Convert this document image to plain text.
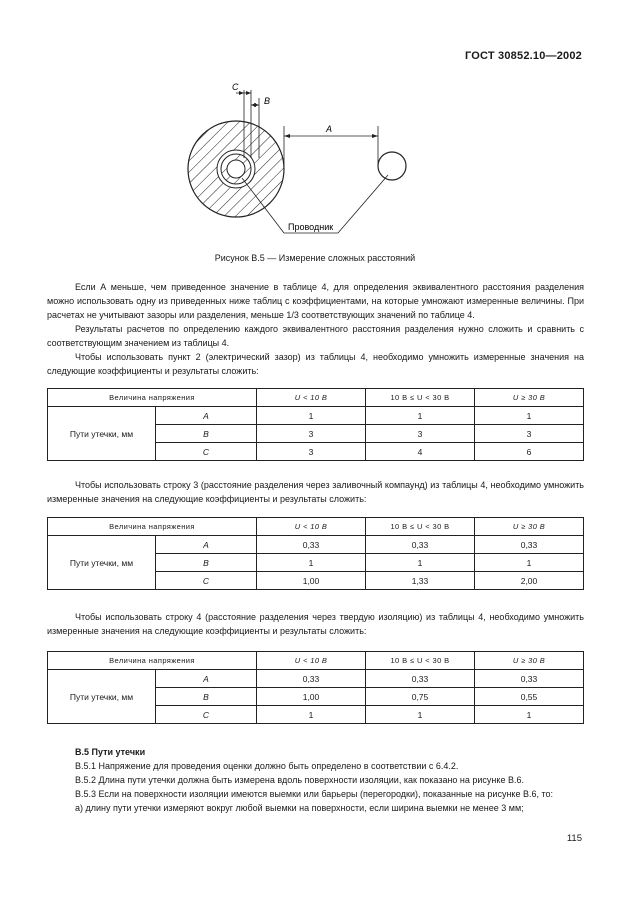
ГОСТ 30852.10—2002
C
B
A
Проводник
Рисунок В.5 — Измерение сложных расстояний

Если А меньше, чем приведенное значение в таблице 4, для определения эквивалентного расстояния разделения можно использовать одну из приведенных ниже таблиц с коэффициентами, на которые умножают измеренные величины. При расчетах не учитывают зазоры или разделения, меньше 1/3 соответствующих значений по таблице 4.

Результаты расчетов по определению каждого эквивалентного расстояния разделения нужно сложить и сравнить с соответствующим значением из таблицы 4.

Чтобы использовать пункт 2 (электрический зазор) из таблицы 4, необходимо умножить измеренные значения на следующие коэффициенты и результаты сложить:

Величина напряжения		U < 10 В	10 В ≤ U < 30 В	U ≥ 30 В
Пути утечки, мм	A	1	1	1
	B	3	3	3
	C	3	4	6

Чтобы использовать строку 3 (расстояние разделения через заливочный компаунд) из таблицы 4, необходимо умножить измеренные значения на следующие коэффициенты и результаты сложить:

Величина напряжения		U < 10 В	10 В ≤ U < 30 В	U ≥ 30 В
Пути утечки, мм	A	0,33	0,33	0,33
	B	1	1	1
	C	1,00	1,33	2,00

Чтобы использовать строку 4 (расстояние разделения через твердую изоляцию) из таблицы 4, необходимо умножить измеренные значения на следующие коэффициенты и результаты сложить:

Величина напряжения		U < 10 В	10 В ≤ U < 30 В	U ≥ 30 В
Пути утечки, мм	A	0,33	0,33	0,33
	B	1,00	0,75	0,55
	C	1	1	1

В.5 Пути утечки

В.5.1 Напряжение для проведения оценки должно быть определено в соответствии с 6.4.2.

В.5.2 Длина пути утечки должна быть измерена вдоль поверхности изоляции, как показано на рисунке В.6.

В.5.3 Если на поверхности изоляции имеются выемки или барьеры (перегородки), показанные на рисунке В.6, то:

а) длину пути утечки измеряют вокруг любой выемки на поверхности, если ширина выемки не менее 3 мм;

115
